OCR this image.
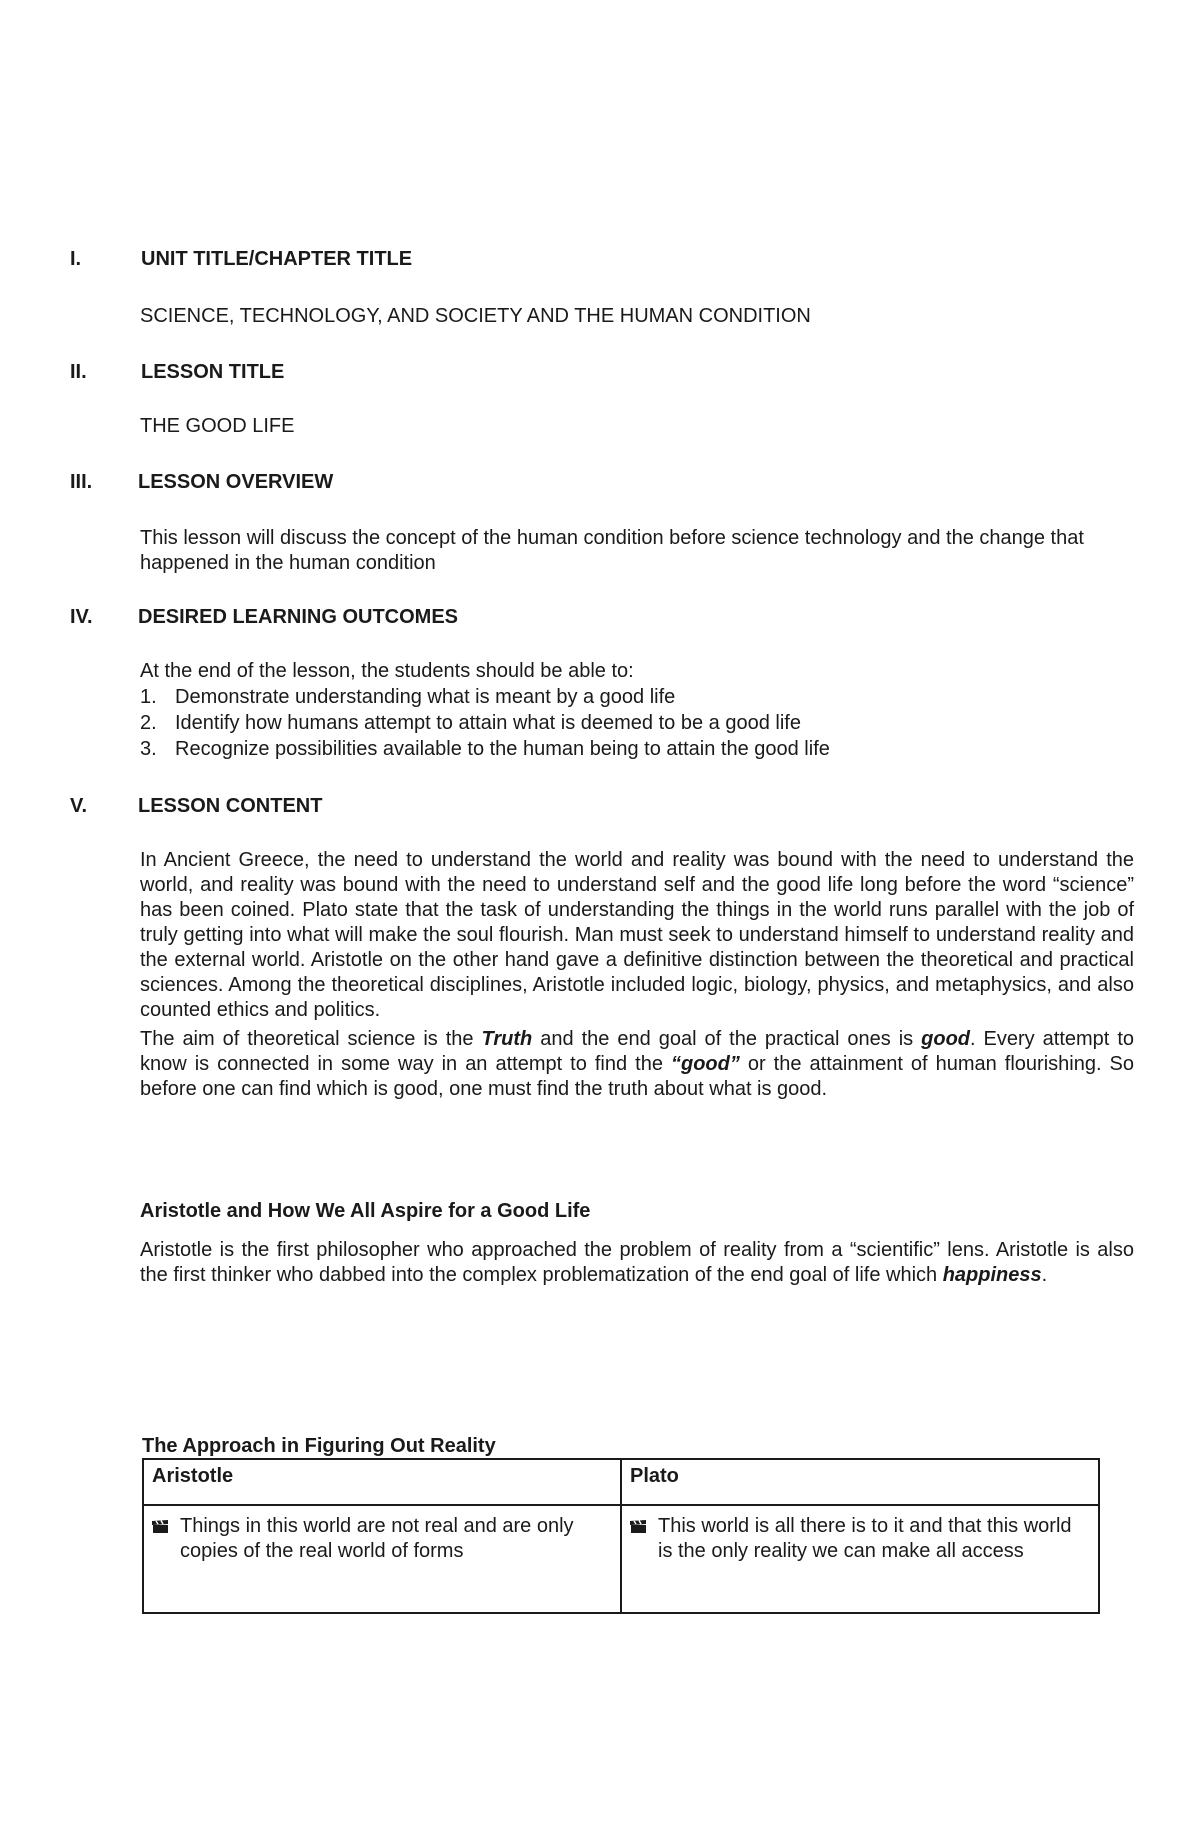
I.	UNIT TITLE/CHAPTER TITLE
SCIENCE, TECHNOLOGY, AND SOCIETY AND THE HUMAN CONDITION
II.	LESSON TITLE
THE GOOD LIFE
III. LESSON OVERVIEW
This lesson will discuss the concept of the human condition before science technology and the change that happened in the human condition
IV. DESIRED LEARNING OUTCOMES
At the end of the lesson, the students should be able to:
1. Demonstrate understanding what is meant by a good life
2. Identify how humans attempt to attain what is deemed to be a good life
3. Recognize possibilities available to the human being to attain the good life
V.	LESSON CONTENT
In Ancient Greece, the need to understand the world and reality was bound with the need to understand the world, and reality was bound with the need to understand self and the good life long before the word “science” has been coined. Plato state that the task of understanding the things in the world runs parallel with the job of truly getting into what will make the soul flourish. Man must seek to understand himself to understand reality and the external world. Aristotle on the other hand gave a definitive distinction between the theoretical and practical sciences. Among the theoretical disciplines, Aristotle included logic, biology, physics, and metaphysics, and also counted ethics and politics.
The aim of theoretical science is the Truth and the end goal of the practical ones is good. Every attempt to know is connected in some way in an attempt to find the “good” or the attainment of human flourishing. So before one can find which is good, one must find the truth about what is good.
Aristotle and How We All Aspire for a Good Life
Aristotle is the first philosopher who approached the problem of reality from a “scientific” lens. Aristotle is also the first thinker who dabbed into the complex problematization of the end goal of life which happiness.
The Approach in Figuring Out Reality
Aristotle	Plato

Things in this world are not real and are only copies of the real world of forms	This world is all there is to it and that this world is the only reality we can make all access
